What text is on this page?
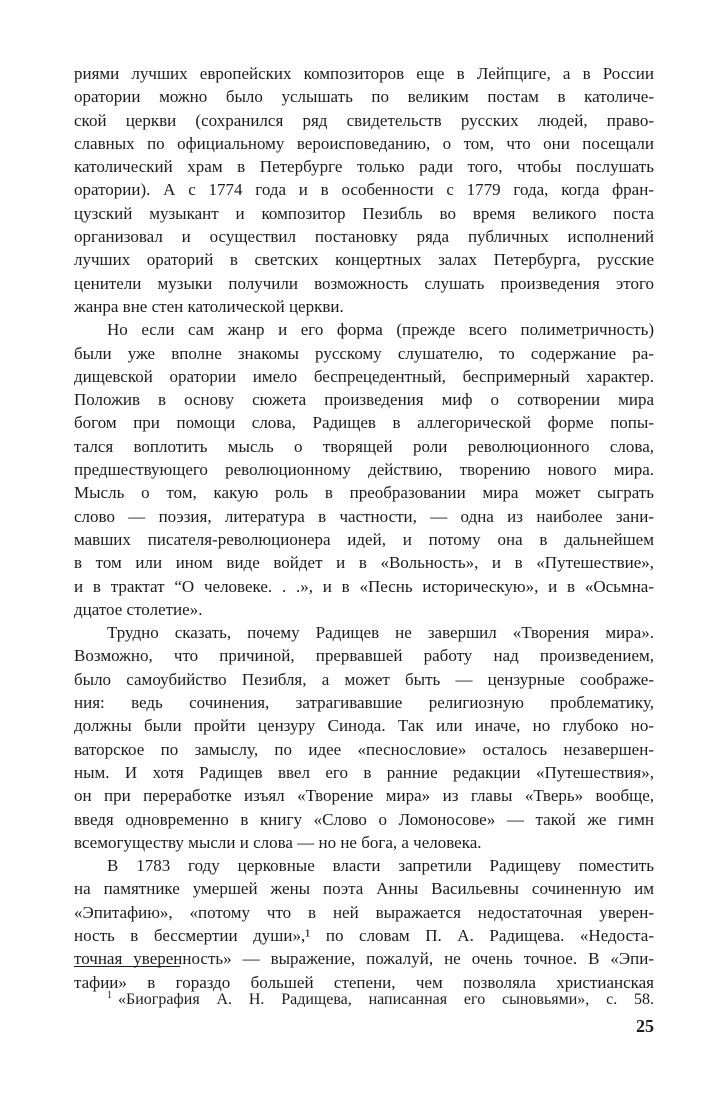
риями лучших европейских композиторов еще в Лейпциге, а в России
оратории можно было услышать по великим постам в католиче-
ской церкви (сохранился ряд свидетельств русских людей, право-
славных по официальному вероисповеданию, о том, что они посещали
католический храм в Петербурге только ради того, чтобы послушать
оратории). А с 1774 года и в особенности с 1779 года, когда фран-
цузский музыкант и композитор Пезибль во время великого поста
организовал и осуществил постановку ряда публичных исполнений
лучших ораторий в светских концертных залах Петербурга, русские
ценители музыки получили возможность слушать произведения этого
жанра вне стен католической церкви.
Но если сам жанр и его форма (прежде всего полиметричность)
были уже вполне знакомы русскому слушателю, то содержание ра-
дищевской оратории имело беспрецедентный, беспримерный характер.
Положив в основу сюжета произведения миф о сотворении мира
богом при помощи слова, Радищев в аллегорической форме попы-
тался воплотить мысль о творящей роли революционного слова,
предшествующего революционному действию, творению нового мира.
Мысль о том, какую роль в преобразовании мира может сыграть
слово — поэзия, литература в частности, — одна из наиболее зани-
мавших писателя-революционера идей, и потому она в дальнейшем
в том или ином виде войдет и в «Вольность», и в «Путешествие»,
и в трактат “О человеке. . .», и в «Песнь историческую», и в «Осьмна-
дцатое столетие».
Трудно сказать, почему Радищев не завершил «Творения мира».
Возможно, что причиной, прервавшей работу над произведением,
было самоубийство Пезибля, а может быть — цензурные соображе-
ния: ведь сочинения, затрагивавшие религиозную проблематику,
должны были пройти цензуру Синода. Так или иначе, но глубоко но-
ваторское по замыслу, по идее «песнословие» осталось незавершен-
ным. И хотя Радищев ввел его в ранние редакции «Путешествия»,
он при переработке изъял «Творение мира» из главы «Тверь» вообще,
введя одновременно в книгу «Слово о Ломоносове» — такой же гимн
всемогуществу мысли и слова — но не бога, а человека.
В 1783 году церковные власти запретили Радищеву поместить
на памятнике умершей жены поэта Анны Васильевны сочиненную им
«Эпитафию», «потому что в ней выражается недостаточная уверен-
ность в бессмертии души»,¹ по словам П. А. Радищева. «Недоста-
точная уверенность» — выражение, пожалуй, не очень точное. В «Эпи-
тафии» в гораздо большей степени, чем позволяла христианская
$^1$ «Биография А. Н. Радищева, написанная его сыновьями», с. 58.
25
